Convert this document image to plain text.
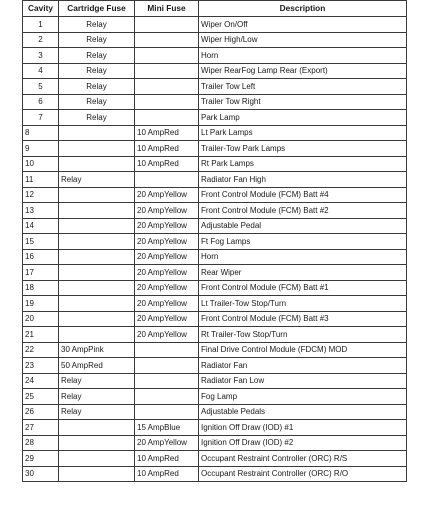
Cavity	Cartridge Fuse	Mini Fuse	Description
1	Relay		Wiper On/Off
2	Relay		Wiper High/Low
3	Relay		Horn
4	Relay		Wiper RearFog Lamp Rear (Export)
5	Relay		Trailer Tow Left
6	Relay		Trailer Tow Right
7	Relay		Park Lamp
8		10 AmpRed	Lt Park Lamps
9		10 AmpRed	Trailer-Tow Park Lamps
10		10 AmpRed	Rt Park Lamps
11	Relay		Radiator Fan High
12		20 AmpYellow	Front Control Module (FCM) Batt #4
13		20 AmpYellow	Front Control Module (FCM) Batt #2
14		20 AmpYellow	Adjustable Pedal
15		20 AmpYellow	Ft Fog Lamps
16		20 AmpYellow	Horn
17		20 AmpYellow	Rear Wiper
18		20 AmpYellow	Front Control Module (FCM) Batt #1
19		20 AmpYellow	Lt Trailer-Tow Stop/Turn
20		20 AmpYellow	Front Control Module (FCM) Batt #3
21		20 AmpYellow	Rt Trailer-Tow Stop/Turn
22	30 AmpPink		Final Drive Control Module (FDCM) MOD
23	50 AmpRed		Radiator Fan
24	Relay		Radiator Fan Low
25	Relay		Fog Lamp
26	Relay		Adjustable Pedals
27		15 AmpBlue	Ignition Off Draw (IOD) #1
28		20 AmpYellow	Ignition Off Draw (IOD) #2
29		10 AmpRed	Occupant Restraint Controller (ORC) R/S
30		10 AmpRed	Occupant Restraint Controller (ORC) R/O
